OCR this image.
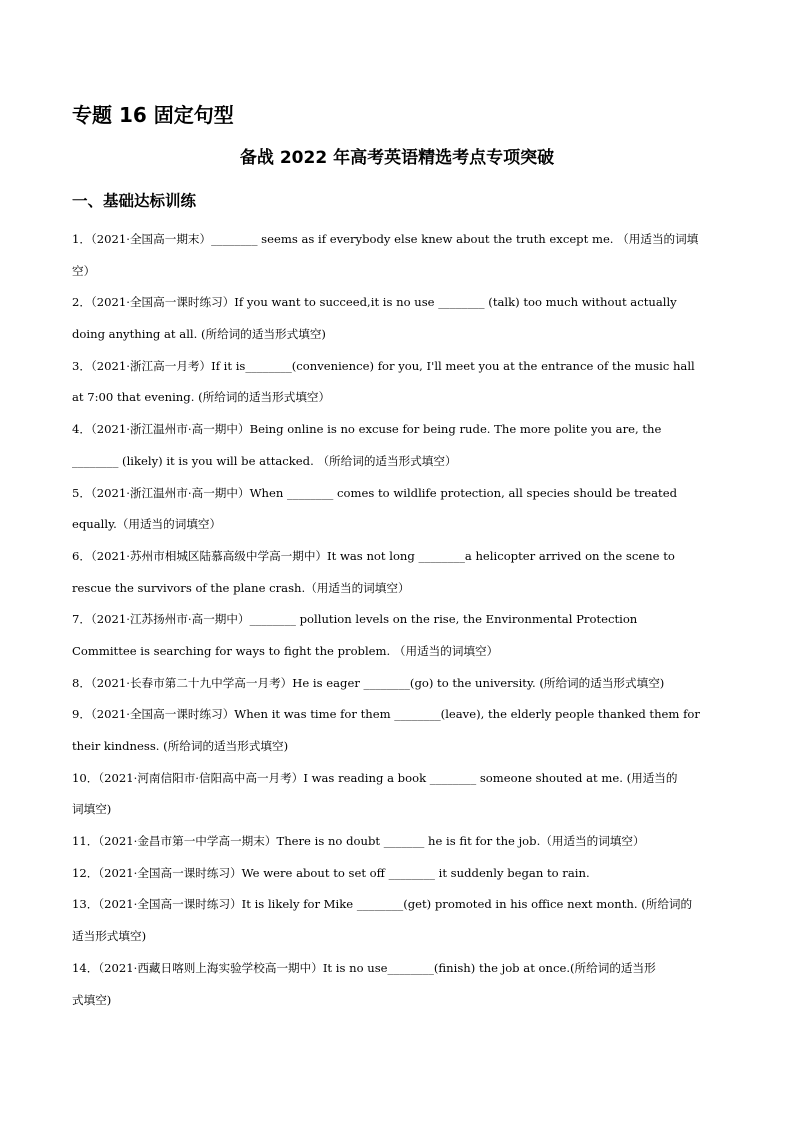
专题 16 固定句型
备战 2022 年高考英语精选考点专项突破
一、基础达标训练
1．（2021·全国高一期末）________ seems as if everybody else knew about the truth except me. （用适当的词填
空）
2．（2021·全国高一课时练习）If you want to succeed,it is no use ________ (talk) too much without actually
doing anything at all. (所给词的适当形式填空)
3．（2021·浙江高一月考）If it is________(convenience) for you, I'll meet you at the entrance of the music hall
at 7:00 that evening. (所给词的适当形式填空）
4．（2021·浙江温州市·高一期中）Being online is no excuse for being rude. The more polite you are, the
________ (likely) it is you will be attacked. （所给词的适当形式填空）
5．（2021·浙江温州市·高一期中）When ________ comes to wildlife protection, all species should be treated
equally.（用适当的词填空）
6．（2021·苏州市相城区陆慕高级中学高一期中）It was not long ________a helicopter arrived on the scene to
rescue the survivors of the plane crash.（用适当的词填空）
7．（2021·江苏扬州市·高一期中）________ pollution levels on the rise, the Environmental Protection
Committee is searching for ways to fight the problem. （用适当的词填空）
8．（2021·长春市第二十九中学高一月考）He is eager ________(go) to the university. (所给词的适当形式填空)
9．（2021·全国高一课时练习）When it was time for them ________(leave), the elderly people thanked them for
their kindness. (所给词的适当形式填空)
10．（2021·河南信阳市·信阳高中高一月考）I was reading a book ________ someone shouted at me. (用适当的
词填空)
11．（2021·金昌市第一中学高一期末）There is no doubt _______ he is fit for the job.（用适当的词填空）
12．（2021·全国高一课时练习）We were about to set off ________ it suddenly began to rain.
13．（2021·全国高一课时练习）It is likely for Mike ________(get) promoted in his office next month. (所给词的
适当形式填空)
14．（2021·西藏日喀则上海实验学校高一期中）It is no use________(finish) the job at once.(所给词的适当形
式填空)
